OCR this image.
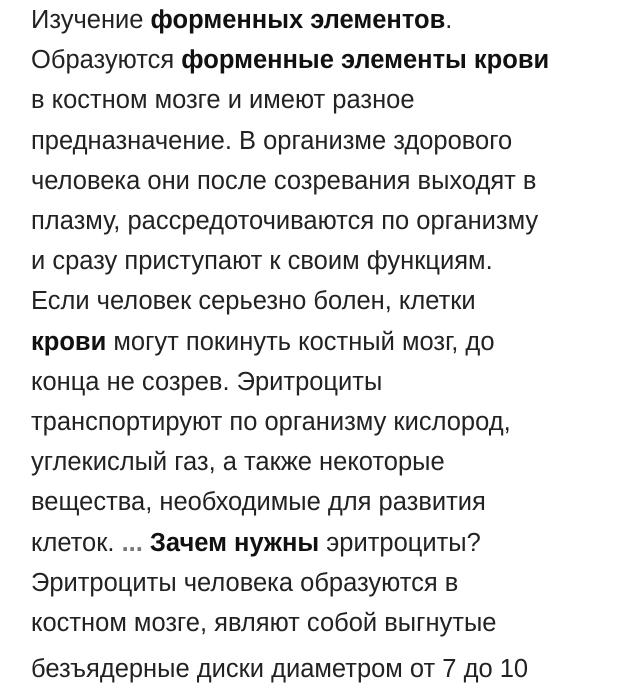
Изучение форменных элементов.
Образуются форменные элементы крови
в костном мозге и имеют разное
предназначение. В организме здорового
человека они после созревания выходят в
плазму, рассредоточиваются по организму
и сразу приступают к своим функциям.
Если человек серьезно болен, клетки
крови могут покинуть костный мозг, до
конца не созрев. Эритроциты
транспортируют по организму кислород,
углекислый газ, а также некоторые
вещества, необходимые для развития
клеток. ... Зачем нужны эритроциты?
Эритроциты человека образуются в
костном мозге, являют собой выгнутые
безъядерные диски диаметром от 7 до 10
